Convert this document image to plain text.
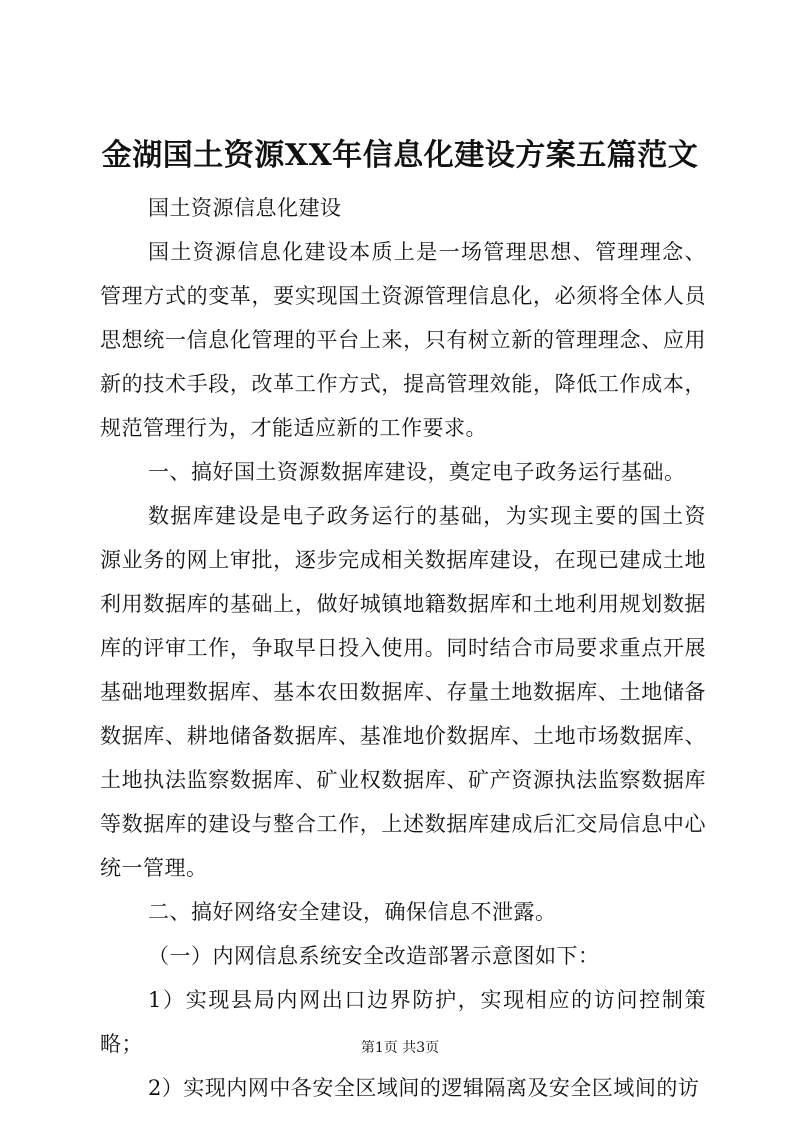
金湖国土资源XX年信息化建设方案五篇范文

国土资源信息化建设

国土资源信息化建设本质上是一场管理思想、管理理念、管理方式的变革，要实现国土资源管理信息化，必须将全体人员思想统一信息化管理的平台上来，只有树立新的管理理念、应用新的技术手段，改革工作方式，提高管理效能，降低工作成本，规范管理行为，才能适应新的工作要求。

一、搞好国土资源数据库建设，奠定电子政务运行基础。

数据库建设是电子政务运行的基础，为实现主要的国土资源业务的网上审批，逐步完成相关数据库建设，在现已建成土地利用数据库的基础上，做好城镇地籍数据库和土地利用规划数据库的评审工作，争取早日投入使用。同时结合市局要求重点开展基础地理数据库、基本农田数据库、存量土地数据库、土地储备数据库、耕地储备数据库、基准地价数据库、土地市场数据库、土地执法监察数据库、矿业权数据库、矿产资源执法监察数据库等数据库的建设与整合工作，上述数据库建成后汇交局信息中心统一管理。

二、搞好网络安全建设，确保信息不泄露。

（一）内网信息系统安全改造部署示意图如下：

1）实现县局内网出口边界防护，实现相应的访问控制策略；

2）实现内网中各安全区域间的逻辑隔离及安全区域间的访

第1页 共3页
